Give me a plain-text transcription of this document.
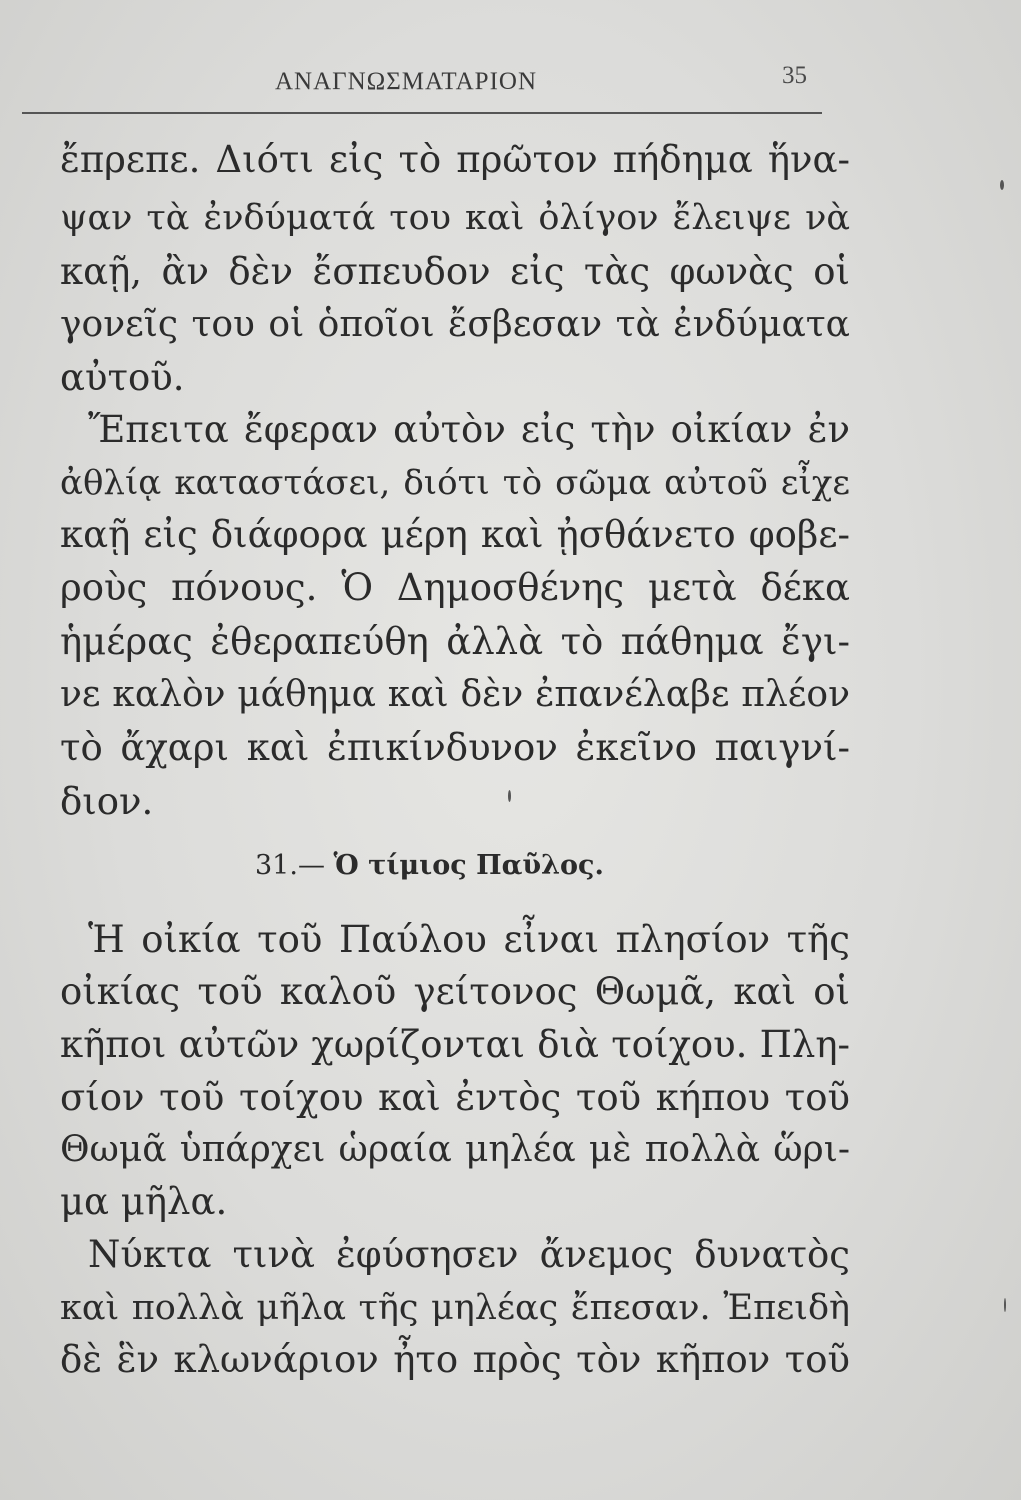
ΑΝΑΓΝΩΣΜΑΤΑΡΙΟΝ	35
ἔπρεπε. Διότι εἰς τὸ πρῶτον πήδημα ἥνα-
ψαν τὰ ἐνδύματά του καὶ ὀλίγον ἔλειψε νὰ
καῇ, ἂν δὲν ἔσπευδον εἰς τὰς φωνὰς οἱ
γονεῖς του οἱ ὁποῖοι ἔσβεσαν τὰ ἐνδύματα
αὐτοῦ.
Ἔπειτα ἔφεραν αὐτὸν εἰς τὴν οἰκίαν ἐν
ἀθλίᾳ καταστάσει, διότι τὸ σῶμα αὐτοῦ εἶχε
καῇ εἰς διάφορα μέρη καὶ ᾐσθάνετο φοβε-
ροὺς πόνους. Ὁ Δημοσθένης μετὰ δέκα
ἡμέρας ἐθεραπεύθη ἀλλὰ τὸ πάθημα ἔγι-
νε καλὸν μάθημα καὶ δὲν ἐπανέλαβε πλέον
τὸ ἄχαρι καὶ ἐπικίνδυνον ἐκεῖνο παιγνί-
διον.
31.— Ὁ τίμιος Παῦλος.
Ἡ οἰκία τοῦ Παύλου εἶναι πλησίον τῆς
οἰκίας τοῦ καλοῦ γείτονος Θωμᾶ, καὶ οἱ
κῆποι αὐτῶν χωρίζονται διὰ τοίχου. Πλη-
σίον τοῦ τοίχου καὶ ἐντὸς τοῦ κήπου τοῦ
Θωμᾶ ὑπάρχει ὡραία μηλέα μὲ πολλὰ ὥρι-
μα μῆλα.
Νύκτα τινὰ ἐφύσησεν ἄνεμος δυνατὸς
καὶ πολλὰ μῆλα τῆς μηλέας ἔπεσαν. Ἐπειδὴ
δὲ ἓν κλωνάριον ἦτο πρὸς τὸν κῆπον τοῦ
